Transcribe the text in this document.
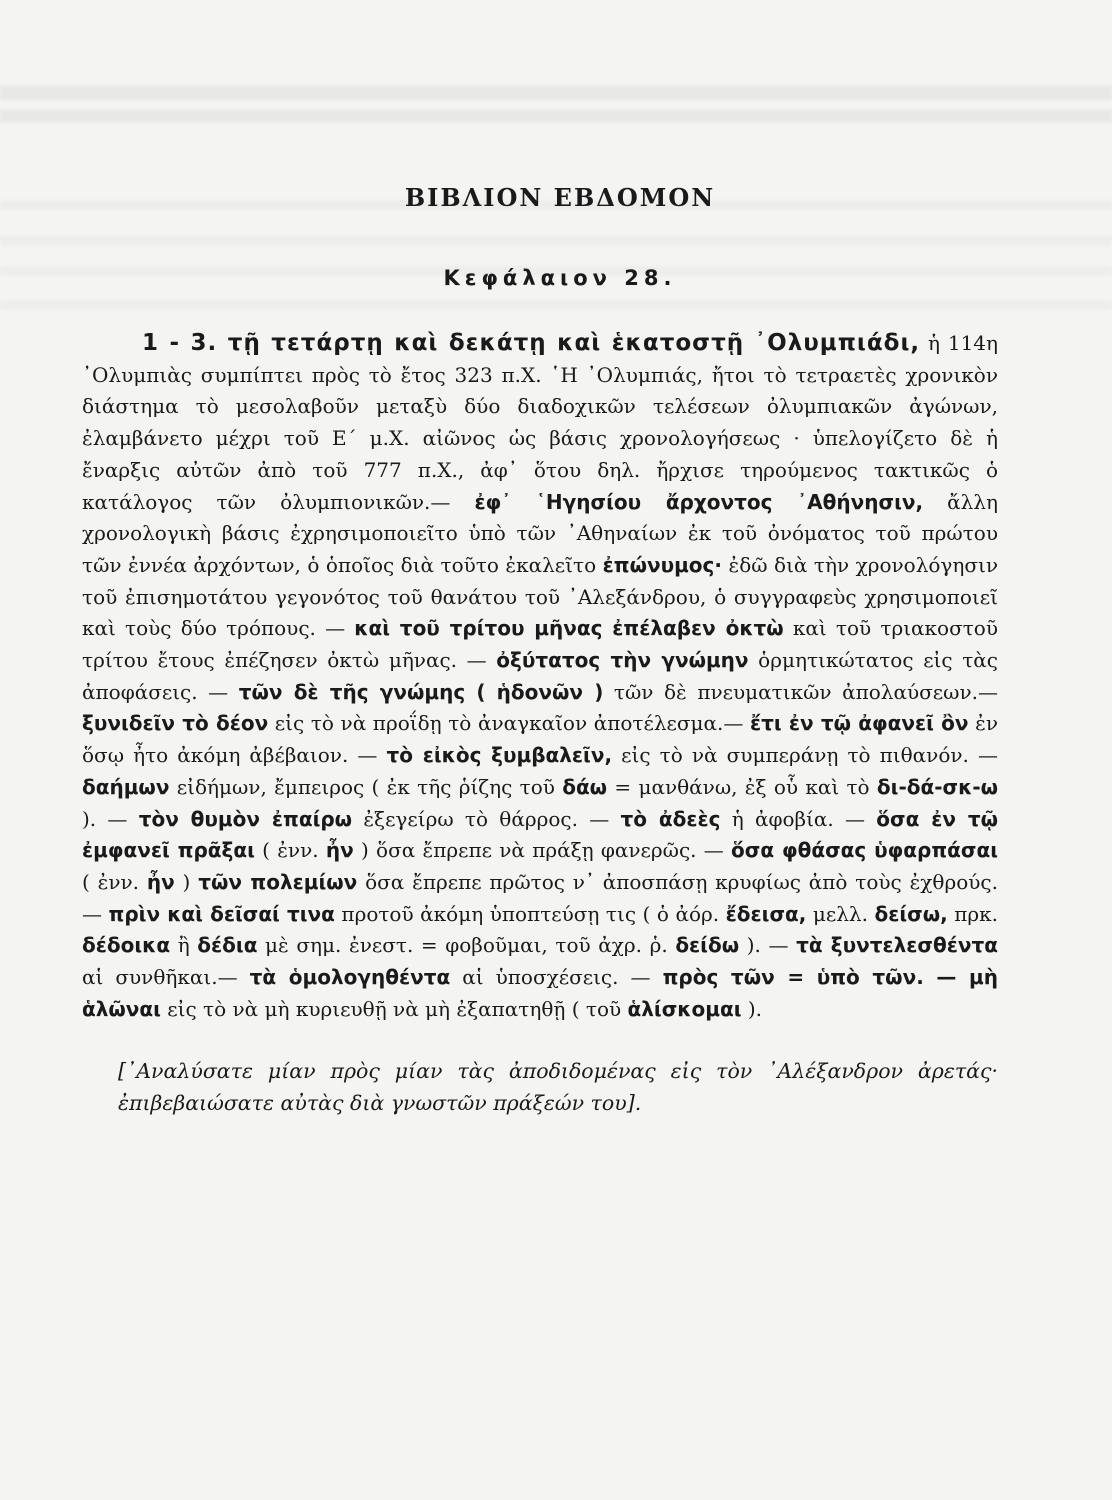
ΒΙΒΛΙΟΝ ΕΒΔΟΜΟΝ
Κεφάλαιον 28.

1 - 3. τῇ τετάρτῃ καὶ δεκάτῃ καὶ ἑκατοστῇ ᾿Ολυμπιάδι, ἡ 114η ᾿Ολυμπιὰς συμπίπτει πρὸς τὸ ἔτος 323 π.Χ. ῾Η ᾿Ολυμπιάς, ἤτοι τὸ τετραετὲς χρονικὸν διάστημα τὸ μεσολαβοῦν μεταξὺ δύο διαδοχικῶν τελέσεων ὀλυμπιακῶν ἀγώνων, ἐλαμβάνετο μέχρι τοῦ Ε΄ μ.Χ. αἰῶνος ὡς βάσις χρονολογήσεως · ὑπελογίζετο δὲ ἡ ἔναρξις αὐτῶν ἀπὸ τοῦ 777 π.Χ., ἀφ᾿ ὅτου δηλ. ἤρχισε τηρούμενος τακτικῶς ὁ κατάλογος τῶν ὀλυμπιονικῶν.— ἐφ᾿ ῾Ηγησίου ἄρχοντος ᾿Αθήνησιν, ἄλλη χρονολογικὴ βάσις ἐχρησιμοποιεῖτο ὑπὸ τῶν ᾿Αθηναίων ἐκ τοῦ ὀνόματος τοῦ πρώτου τῶν ἐννέα ἀρχόντων, ὁ ὁποῖος διὰ τοῦτο ἐκαλεῖτο ἐπώνυμος· ἐδῶ διὰ τὴν χρονολόγησιν τοῦ ἐπισημοτάτου γεγονότος τοῦ θανάτου τοῦ ᾿Αλεξάνδρου, ὁ συγγραφεὺς χρησιμοποιεῖ καὶ τοὺς δύο τρόπους. — καὶ τοῦ τρίτου μῆνας ἐπέλαβεν ὀκτὼ καὶ τοῦ τριακοστοῦ τρίτου ἔτους ἐπέζησεν ὀκτὼ μῆνας. — ὀξύτατος τὴν γνώμην ὁρμητικώτατος εἰς τὰς ἀποφάσεις. — τῶν δὲ τῆς γνώμης ( ἡδονῶν ) τῶν δὲ πνευματικῶν ἀπολαύσεων.— ξυνιδεῖν τὸ δέον εἰς τὸ νὰ προΐδῃ τὸ ἀναγκαῖον ἀποτέλεσμα.— ἔτι ἐν τῷ ἀφανεῖ ὂν ἐν ὅσῳ ἦτο ἀκόμη ἀβέβαιον. — τὸ εἰκὸς ξυμβαλεῖν, εἰς τὸ νὰ συμπεράνῃ τὸ πιθανόν. — δαήμων εἰδήμων, ἔμπειρος ( ἐκ τῆς ῥίζης τοῦ δάω = μανθάνω, ἐξ οὗ καὶ τὸ δι-δά-σκ-ω ). — τὸν θυμὸν ἐπαίρω ἐξεγείρω τὸ θάρρος. — τὸ ἀδεὲς ἡ ἀφοβία. — ὅσα ἐν τῷ ἐμφανεῖ πρᾶξαι ( ἐνν. ἦν ) ὅσα ἔπρεπε νὰ πράξῃ φανερῶς. — ὅσα φθάσας ὑφαρπάσαι ( ἐνν. ἦν ) τῶν πολεμίων ὅσα ἔπρεπε πρῶτος ν᾿ ἀποσπάσῃ κρυφίως ἀπὸ τοὺς ἐχθρούς. — πρὶν καὶ δεῖσαί τινα προτοῦ ἀκόμη ὑποπτεύσῃ τις ( ὁ ἀόρ. ἔδεισα, μελλ. δείσω, πρκ. δέδοικα ἢ δέδια μὲ σημ. ἐνεστ. = φοβοῦμαι, τοῦ ἀχρ. ῥ. δείδω ). — τὰ ξυντελεσθέντα αἱ συνθῆκαι.— τὰ ὁμολογηθέντα αἱ ὑποσχέσεις. — πρὸς τῶν = ὑπὸ τῶν. — μὴ ἁλῶναι εἰς τὸ νὰ μὴ κυριευθῇ νὰ μὴ ἐξαπατηθῇ ( τοῦ ἁλίσκομαι ).

[᾿Αναλύσατε μίαν πρὸς μίαν τὰς ἀποδιδομένας εἰς τὸν ᾿Αλέξανδρον ἀρετάς· ἐπιβεβαιώσατε αὐτὰς διὰ γνωστῶν πράξεών του].
